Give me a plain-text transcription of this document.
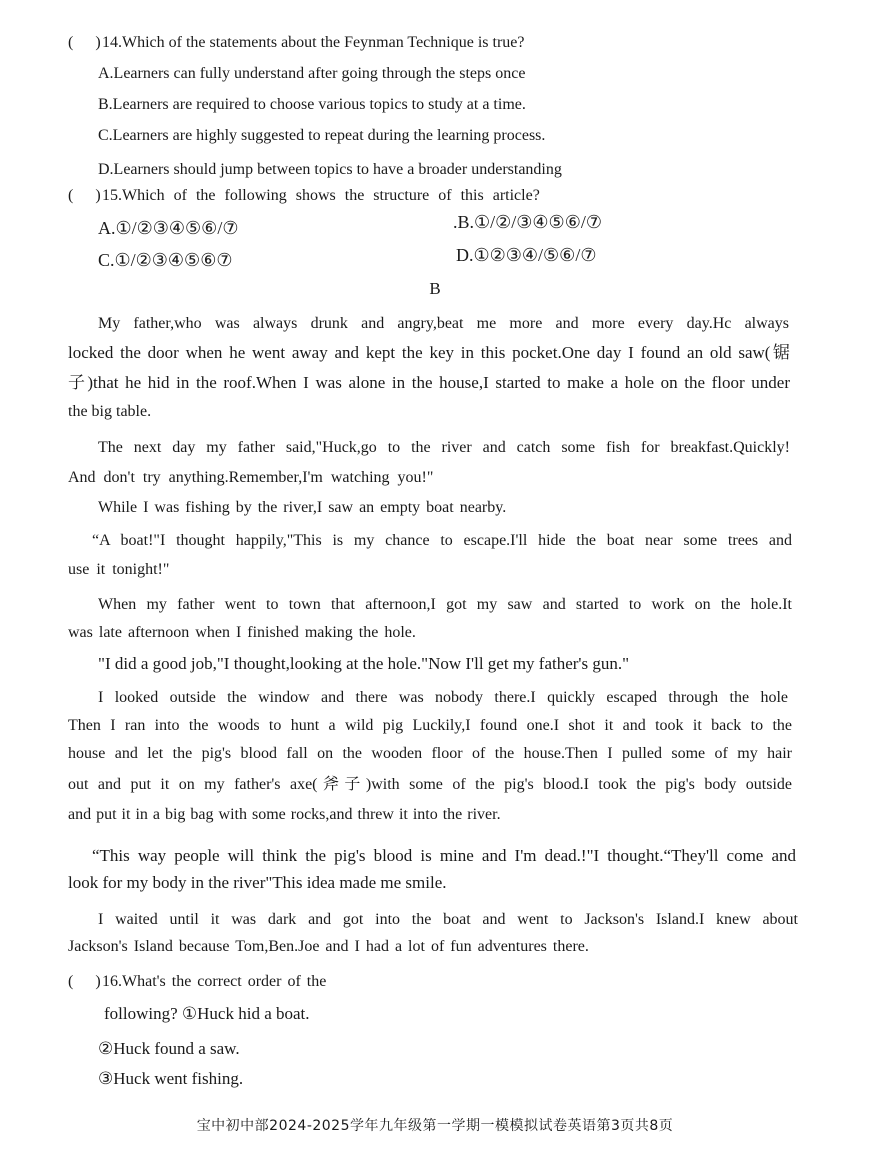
( )14.Which of the statements about the Feynman Technique is true?
A.Learners can fully understand after going through the steps once
B.Learners are required to choose various topics to study at a time.
C.Learners are highly suggested to repeat during the learning process.
D.Learners should jump between topics to have a broader understanding
( )15.Which of the following shows the structure of this article?
A.①/②③④⑤⑥/⑦	.B.①/②/③④⑤⑥/⑦
C.①/②③④⑤⑥⑦	D.①②③④/⑤⑥/⑦
B
My father,who was always drunk and angry,beat me more and more every day.Hc always
locked the door when he went away and kept the key in this pocket.One day I found an old saw(锯
子)that he hid in the roof.When I was alone in the house,I started to make a hole on the floor under
the big table.
The next day my father said,"Huck,go to the river and catch some fish for breakfast.Quickly!
And don't try anything.Remember,I'm watching you!"
While I was fishing by the river,I saw an empty boat nearby.
“A boat!"I thought happily,"This is my chance to escape.I'll hide the boat near some trees and
use it tonight!"
When my father went to town that afternoon,I got my saw and started to work on the hole.It
was late afternoon when I finished making the hole.
"I did a good job,"I thought,looking at the hole."Now I'll get my father's gun."
I looked outside the window and there was nobody there.I quickly escaped through the hole
Then I ran into the woods to hunt a wild pig Luckily,I found one.I shot it and took it back to the
house and let the pig's blood fall on the wooden floor of the house.Then I pulled some of my hair
out and put it on my father's axe(斧子)with some of the pig's blood.I took the pig's body outside
and put it in a big bag with some rocks,and threw it into the river.
“This way people will think the pig's blood is mine and I'm dead.!"I thought.“They'll come and
look for my body in the river"This idea made me smile.
I waited until it was dark and got into the boat and went to Jackson's Island.I knew about
Jackson's Island because Tom,Ben.Joe and I had a lot of fun adventures there.
( )16.What's the correct order of the
following? ①Huck hid a boat.
②Huck found a saw.
③Huck went fishing.
宝中初中部2024-2025学年九年级第一学期一模模拟试卷英语第3页共8页
